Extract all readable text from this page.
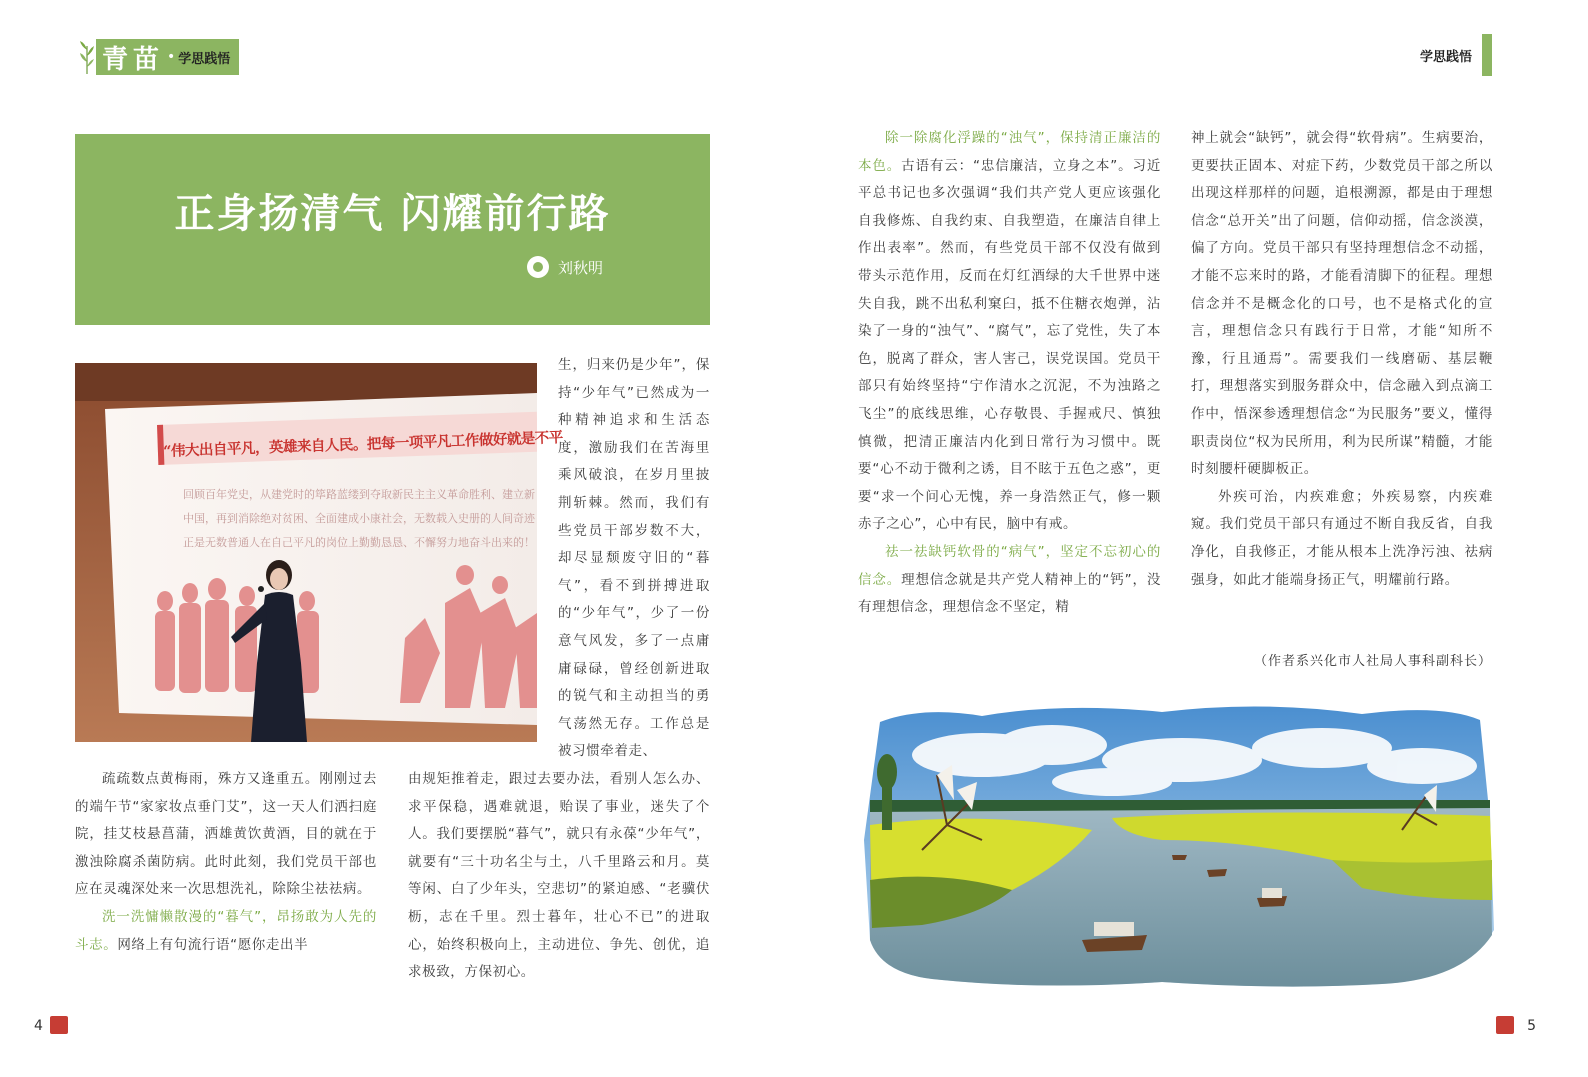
青苗 • 学思践悟	学思践悟
正身扬清气 闪耀前行路
刘秋明
“伟大出自平凡，英雄来自人民。把每一项平凡工作做好就是不平
回顾百年党史，从建党时的筚路蓝缕到夺取新民主主义革命胜利、建立新
中国，再到消除绝对贫困、全面建成小康社会，无数载入史册的人间奇迹
正是无数普通人在自己平凡的岗位上勤勤恳恳、不懈努力地奋斗出来的！

生，归来仍是少年”，保持“少年气”已然成为一种精神追求和生活态度，激励我们在苦海里乘风破浪，在岁月里披荆斩棘。然而，我们有些党员干部岁数不大，却尽显颓废守旧的“暮气”，看不到拼搏进取的“少年气”，少了一份意气风发，多了一点庸庸碌碌，曾经创新进取的锐气和主动担当的勇气荡然无存。工作总是被习惯牵着走、

疏疏数点黄梅雨，殊方又逢重五。刚刚过去的端午节“家家妆点垂门艾”，这一天人们洒扫庭院，挂艾枝悬菖蒲，洒雄黄饮黄酒，目的就在于激浊除腐杀菌防病。此时此刻，我们党员干部也应在灵魂深处来一次思想洗礼，除除尘祛祛病。

洗一洗慵懒散漫的“暮气”，昂扬敢为人先的斗志。网络上有句流行语“愿你走出半

由规矩推着走，跟过去要办法，看别人怎么办、求平保稳，遇难就退，贻误了事业，迷失了个人。我们要摆脱“暮气”，就只有永葆“少年气”，就要有“三十功名尘与土，八千里路云和月。莫等闲、白了少年头，空悲切”的紧迫感、“老骥伏枥，志在千里。烈士暮年，壮心不已”的进取心，始终积极向上，主动进位、争先、创优，追求极致，方保初心。

除一除腐化浮躁的“浊气”，保持清正廉洁的本色。古语有云：“忠信廉洁，立身之本”。习近平总书记也多次强调“我们共产党人更应该强化自我修炼、自我约束、自我塑造，在廉洁自律上作出表率”。然而，有些党员干部不仅没有做到带头示范作用，反而在灯红酒绿的大千世界中迷失自我，跳不出私利窠臼，抵不住糖衣炮弹，沾染了一身的“浊气”、“腐气”，忘了党性，失了本色，脱离了群众，害人害己，误党误国。党员干部只有始终坚持“宁作清水之沉泥，不为浊路之飞尘”的底线思维，心存敬畏、手握戒尺、慎独慎微，把清正廉洁内化到日常行为习惯中。既要“心不动于微利之诱，目不眩于五色之惑”，更要“求一个问心无愧，养一身浩然正气，修一颗赤子之心”，心中有民，脑中有戒。

祛一祛缺钙软骨的“病气”，坚定不忘初心的信念。理想信念就是共产党人精神上的“钙”，没有理想信念，理想信念不坚定，精

神上就会“缺钙”，就会得“软骨病”。生病要治，更要扶正固本、对症下药，少数党员干部之所以出现这样那样的问题，追根溯源，都是由于理想信念“总开关”出了问题，信仰动摇，信念淡漠，偏了方向。党员干部只有坚持理想信念不动摇，才能不忘来时的路，才能看清脚下的征程。理想信念并不是概念化的口号，也不是格式化的宣言，理想信念只有践行于日常，才能“知所不豫，行且通焉”。需要我们一线磨砺、基层鞭打，理想落实到服务群众中，信念融入到点滴工作中，悟深参透理想信念“为民服务”要义，懂得职责岗位“权为民所用，利为民所谋”精髓，才能时刻腰杆硬脚板正。

外疾可治，内疾难愈；外疾易察，内疾难窥。我们党员干部只有通过不断自我反省，自我净化，自我修正，才能从根本上洗净污浊、祛病强身，如此才能端身扬正气，明耀前行路。

（作者系兴化市人社局人事科副科长）
4	5
